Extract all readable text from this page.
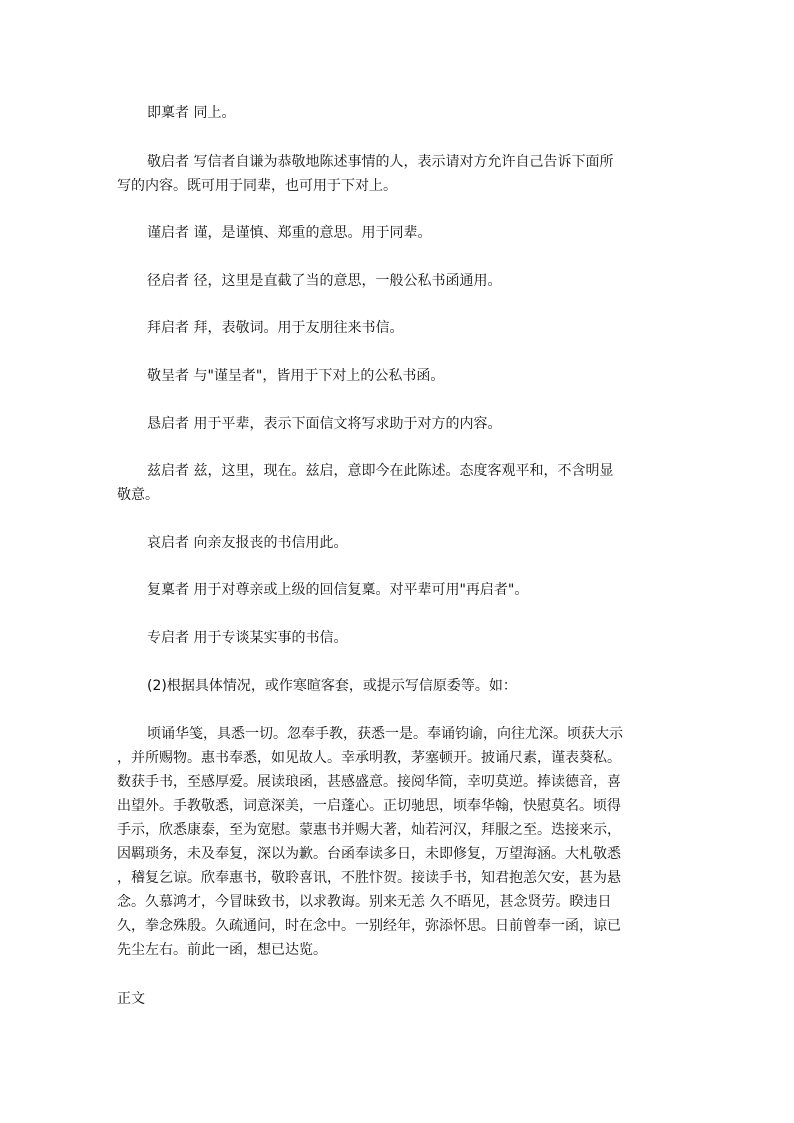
即稟者 同上。
敬启者 写信者自谦为恭敬地陈述事情的人，表示请对方允许自己告诉下面所
写的内容。既可用于同辈，也可用于下对上。
谨启者 谨，是谨慎、郑重的意思。用于同辈。
径启者 径，这里是直截了当的意思，一般公私书函通用。
拜启者 拜，表敬词。用于友朋往来书信。
敬呈者 与"谨呈者"，皆用于下对上的公私书函。
恳启者 用于平辈，表示下面信文将写求助于对方的内容。
兹启者 兹，这里，现在。兹启，意即今在此陈述。态度客观平和，不含明显
敬意。
哀启者 向亲友报丧的书信用此。
复稟者 用于对尊亲或上级的回信复稟。对平辈可用"再启者"。
专启者 用于专谈某实事的书信。
(2)根据具体情况，或作寒暄客套，或提示写信原委等。如：
顷诵华笺，具悉一切。忽奉手教，获悉一是。奉诵钧谕，向往尤深。顷获大示
，并所赐物。惠书奉悉，如见故人。幸承明教，茅塞顿开。披诵尺素，谨表葵私。
数获手书，至感厚爱。展读琅函，甚感盛意。接阅华简，幸叨莫逆。捧读德音，喜
出望外。手教敬悉，词意深美，一启蓬心。正切驰思，顷奉华翰，快慰莫名。顷得
手示，欣悉康泰，至为宽慰。蒙惠书并赐大著，灿若河汉，拜服之至。迭接来示，
因羁琐务，未及奉复，深以为歉。台函奉读多日，未即修复，万望海涵。大札敬悉
，稽复乞谅。欣奉惠书，敬聆喜讯，不胜忭贺。接读手书，知君抱恙欠安，甚为悬
念。久慕鸿才，今冒昧致书，以求教诲。别来无恙 久不晤见，甚念贤劳。睽违日
久，拳念殊殷。久疏通问，时在念中。一别经年，弥添怀思。日前曾奉一函，谅已
先尘左右。前此一函，想已达览。
正文
